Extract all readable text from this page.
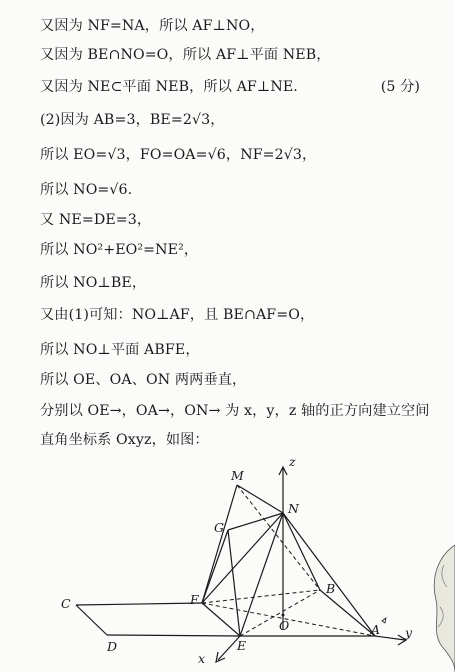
又因为 NF=NA，所以 AF⊥NO，
又因为 BE∩NO=O，所以 AF⊥平面 NEB，
又因为 NE⊂平面 NEB，所以 AF⊥NE.	(5 分)
(2)因为 AB=3，BE=2√3，
所以 EO=√3，FO=OA=√6，NF=2√3，
所以 NO=√6.
又 NE=DE=3，
所以 NO²+EO²=NE²，
所以 NO⊥BE，
又由(1)可知：NO⊥AF，且 BE∩AF=O，
所以 NO⊥平面 ABFE，
所以 OE、OA、ON 两两垂直，
分别以 OE→，OA→，ON→ 为 x，y，z 轴的正方向建立空间
直角坐标系 Oxyz，如图：
M
z
N
G
B
C	F
O	A
D	E
x
y
